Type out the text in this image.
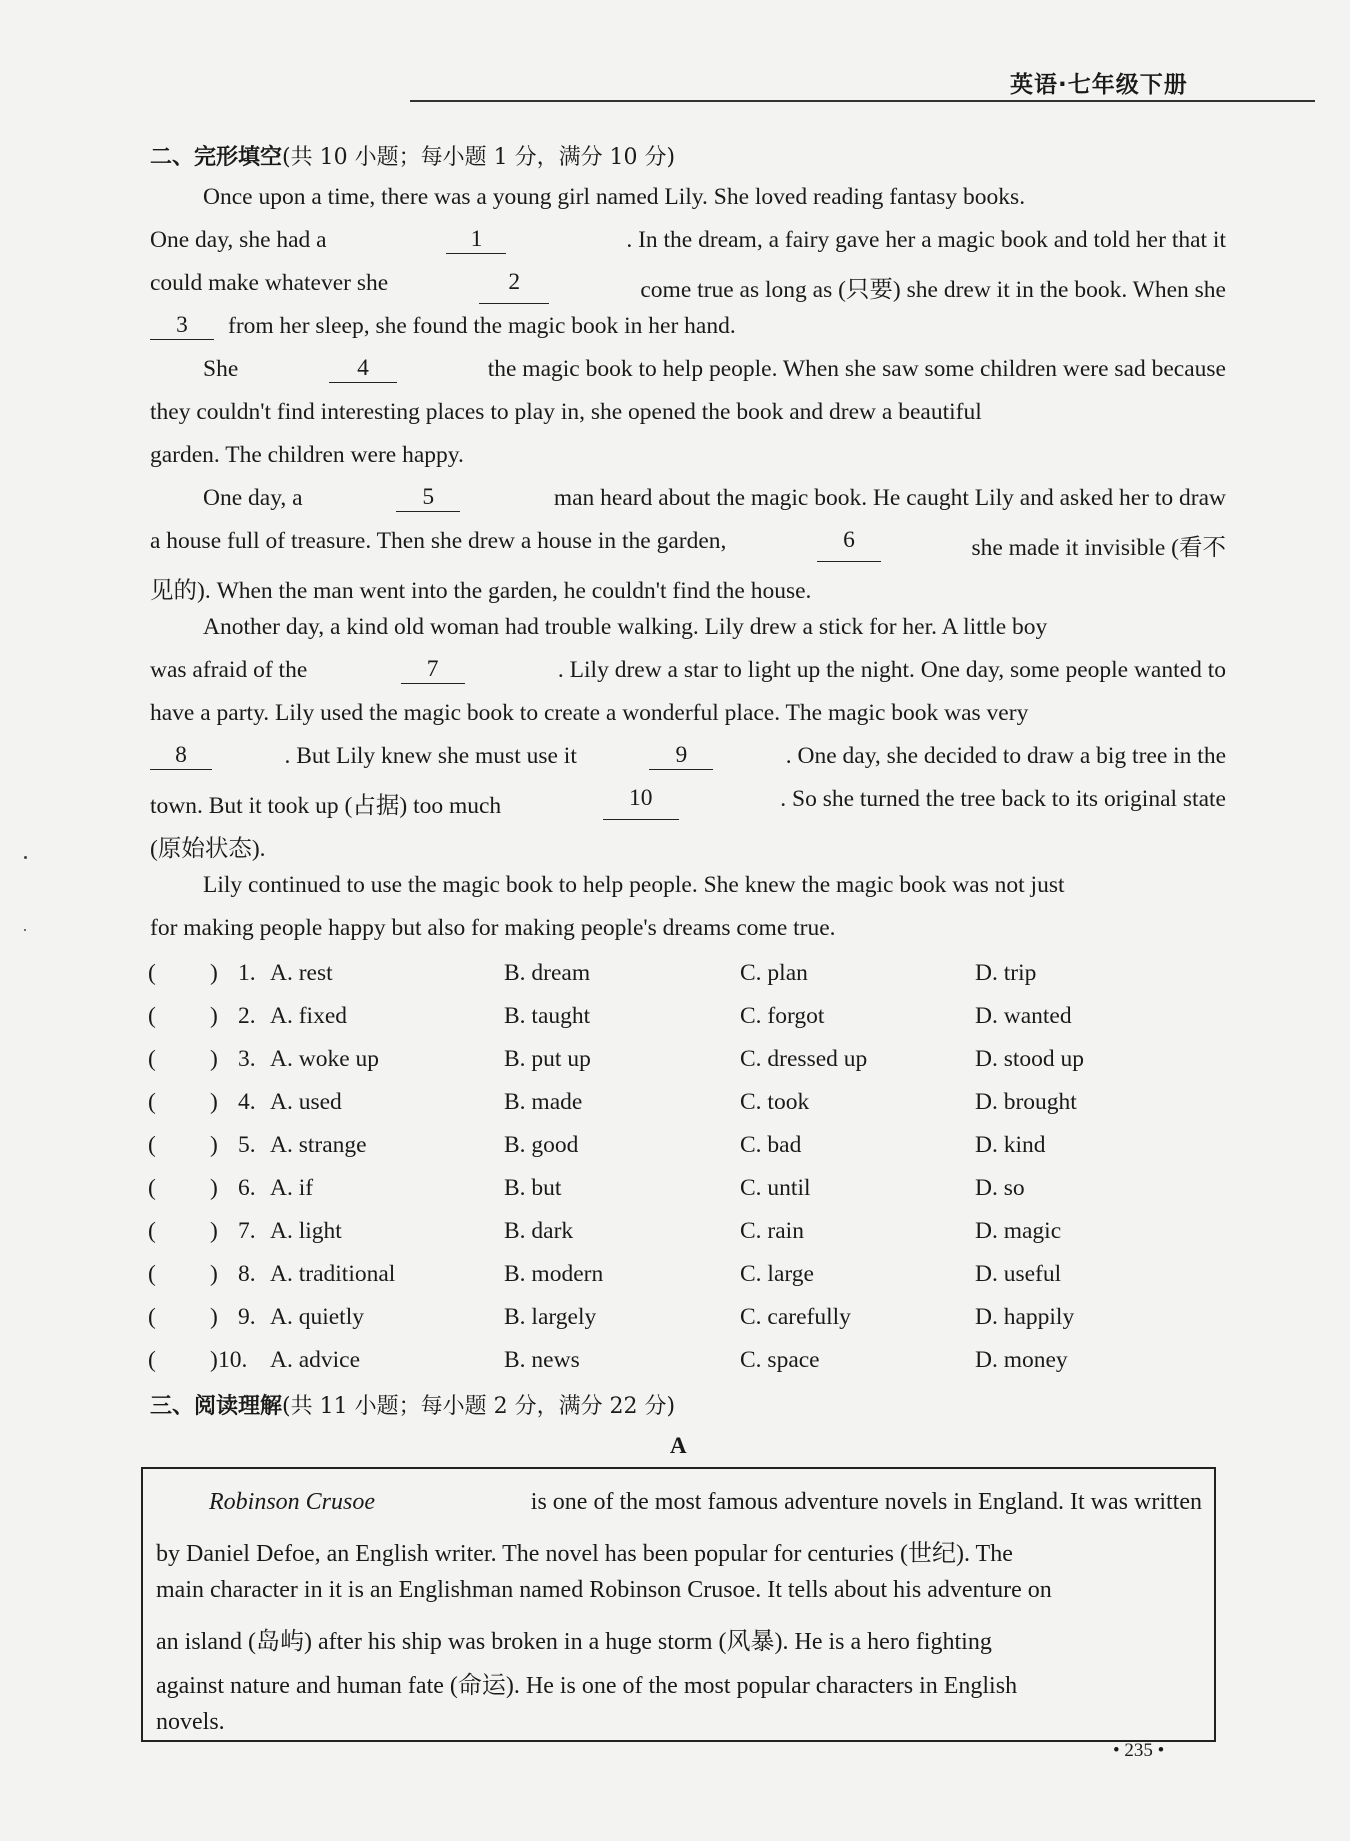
英语·七年级下册
二、完形填空(共 10 小题；每小题 1 分，满分 10 分)
Once upon a time, there was a young girl named Lily. She loved reading fantasy books.
One day, she had a	1	. In the dream, a fairy gave her a magic book and told her that it
could make whatever she	2	come true as long as (只要) she drew it in the book. When she
3	from her sleep, she found the magic book in her hand.
She	4	the magic book to help people. When she saw some children were sad because
they couldn't find interesting places to play in, she opened the book and drew a beautiful
garden. The children were happy.
One day, a	5	man heard about the magic book. He caught Lily and asked her to draw
a house full of treasure. Then she drew a house in the garden,	6	she made it invisible (看不
见的). When the man went into the garden, he couldn't find the house.
Another day, a kind old woman had trouble walking. Lily drew a stick for her. A little boy
was afraid of the	7	. Lily drew a star to light up the night. One day, some people wanted to
have a party. Lily used the magic book to create a wonderful place. The magic book was very
8	. But Lily knew she must use it	9	. One day, she decided to draw a big tree in the
town. But it took up (占据) too much	10	. So she turned the tree back to its original state
(原始状态).
Lily continued to use the magic book to help people. She knew the magic book was not just
for making people happy but also for making people's dreams come true.
( ) 1. A. rest	B. dream	C. plan	D. trip
( ) 2. A. fixed	B. taught	C. forgot	D. wanted
( ) 3. A. woke up	B. put up	C. dressed up	D. stood up
( ) 4. A. used	B. made	C. took	D. brought
( ) 5. A. strange	B. good	C. bad	D. kind
( ) 6. A. if	B. but	C. until	D. so
( ) 7. A. light	B. dark	C. rain	D. magic
( ) 8. A. traditional	B. modern	C. large	D. useful
( ) 9. A. quietly	B. largely	C. carefully	D. happily
( ) 10. A. advice	B. news	C. space	D. money
三、阅读理解(共 11 小题；每小题 2 分，满分 22 分)
A
Robinson Crusoe	is one of the most famous adventure novels in England. It was written
by Daniel Defoe, an English writer. The novel has been popular for centuries (世纪). The
main character in it is an Englishman named Robinson Crusoe. It tells about his adventure on
an island (岛屿) after his ship was broken in a huge storm (风暴). He is a hero fighting
against nature and human fate (命运). He is one of the most popular characters in English
novels.
• 235 •
